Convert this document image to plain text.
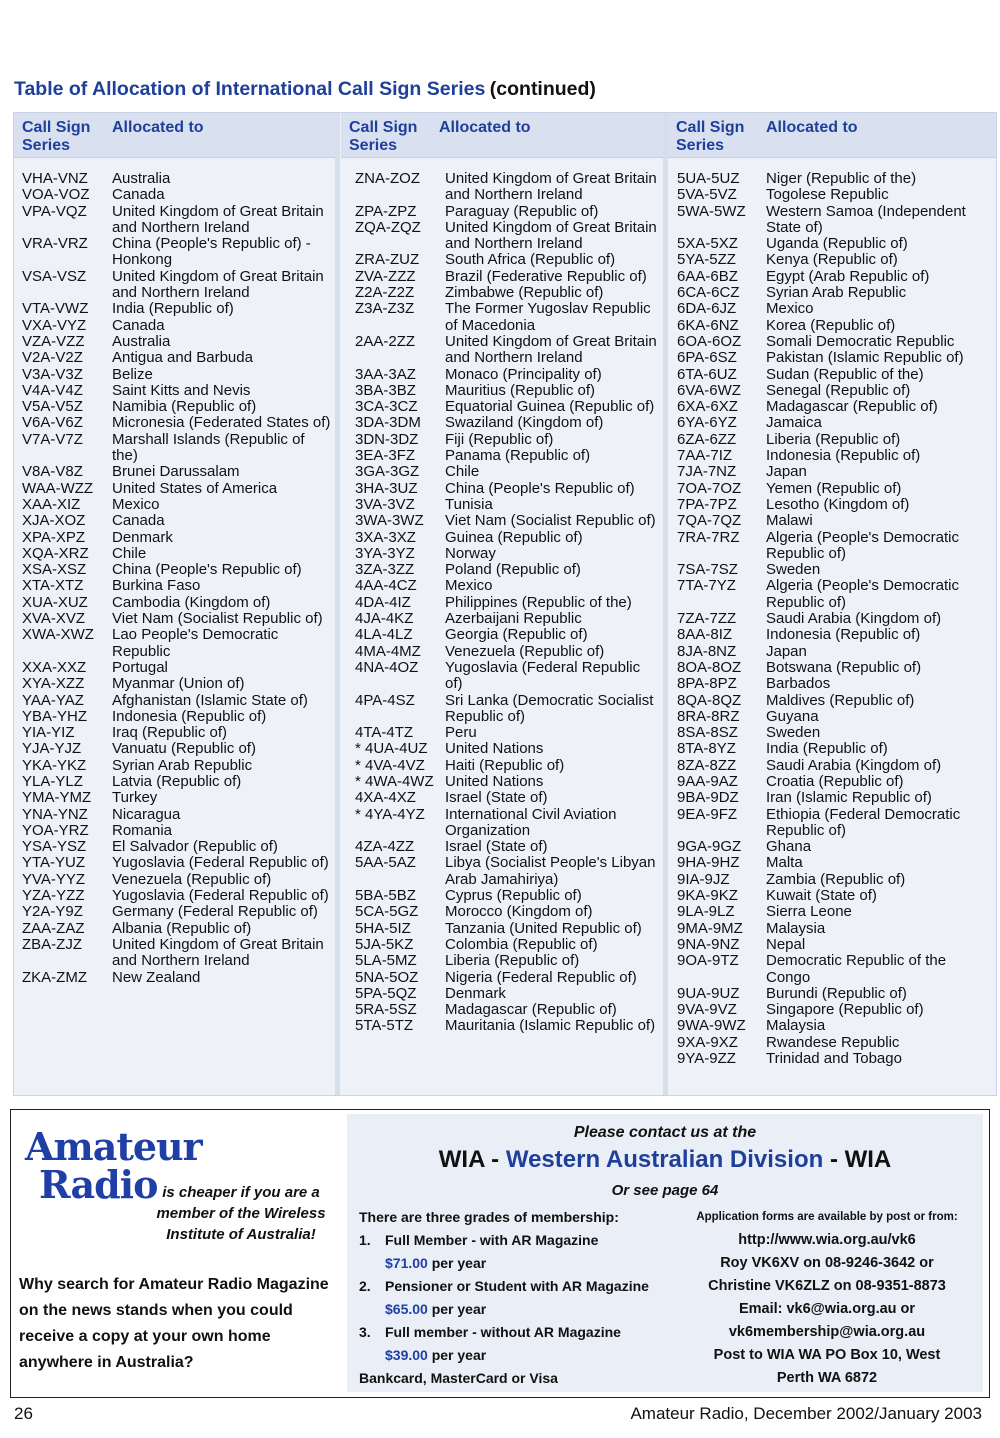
Table of Allocation of International Call Sign Series (continued)
Call Sign Series
Allocated to
VHA-VNZ	Australia
VOA-VOZ	Canada
VPA-VQZ	United Kingdom of Great Britain and Northern Ireland
VRA-VRZ	China (People's Republic of) - Honkong
VSA-VSZ	United Kingdom of Great Britain and Northern Ireland
VTA-VWZ	India (Republic of)
VXA-VYZ	Canada
VZA-VZZ	Australia
V2A-V2Z	Antigua and Barbuda
V3A-V3Z	Belize
V4A-V4Z	Saint Kitts and Nevis
V5A-V5Z	Namibia (Republic of)
V6A-V6Z	Micronesia (Federated States of)
V7A-V7Z	Marshall Islands (Republic of the)
V8A-V8Z	Brunei Darussalam
WAA-WZZ	United States of America
XAA-XIZ	Mexico
XJA-XOZ	Canada
XPA-XPZ	Denmark
XQA-XRZ	Chile
XSA-XSZ	China (People's Republic of)
XTA-XTZ	Burkina Faso
XUA-XUZ	Cambodia (Kingdom of)
XVA-XVZ	Viet Nam (Socialist Republic of)
XWA-XWZ	Lao People's Democratic Republic
XXA-XXZ	Portugal
XYA-XZZ	Myanmar (Union of)
YAA-YAZ	Afghanistan (Islamic State of)
YBA-YHZ	Indonesia (Republic of)
YIA-YIZ	Iraq (Republic of)
YJA-YJZ	Vanuatu (Republic of)
YKA-YKZ	Syrian Arab Republic
YLA-YLZ	Latvia (Republic of)
YMA-YMZ	Turkey
YNA-YNZ	Nicaragua
YOA-YRZ	Romania
YSA-YSZ	El Salvador (Republic of)
YTA-YUZ	Yugoslavia (Federal Republic of)
YVA-YYZ	Venezuela (Republic of)
YZA-YZZ	Yugoslavia (Federal Republic of)
Y2A-Y9Z	Germany (Federal Republic of)
ZAA-ZAZ	Albania (Republic of)
ZBA-ZJZ	United Kingdom of Great Britain and Northern Ireland
ZKA-ZMZ	New Zealand
Call Sign Series
Allocated to
ZNA-ZOZ	United Kingdom of Great Britain and Northern Ireland
ZPA-ZPZ	Paraguay (Republic of)
ZQA-ZQZ	United Kingdom of Great Britain and Northern Ireland
ZRA-ZUZ	South Africa (Republic of)
ZVA-ZZZ	Brazil (Federative Republic of)
Z2A-Z2Z	Zimbabwe (Republic of)
Z3A-Z3Z	The Former Yugoslav Republic of Macedonia
2AA-2ZZ	United Kingdom of Great Britain and Northern Ireland
3AA-3AZ	Monaco (Principality of)
3BA-3BZ	Mauritius (Republic of)
3CA-3CZ	Equatorial Guinea (Republic of)
3DA-3DM	Swaziland (Kingdom of)
3DN-3DZ	Fiji (Republic of)
3EA-3FZ	Panama (Republic of)
3GA-3GZ	Chile
3HA-3UZ	China (People's Republic of)
3VA-3VZ	Tunisia
3WA-3WZ	Viet Nam (Socialist Republic of)
3XA-3XZ	Guinea (Republic of)
3YA-3YZ	Norway
3ZA-3ZZ	Poland (Republic of)
4AA-4CZ	Mexico
4DA-4IZ	Philippines (Republic of the)
4JA-4KZ	Azerbaijani Republic
4LA-4LZ	Georgia (Republic of)
4MA-4MZ	Venezuela (Republic of)
4NA-4OZ	Yugoslavia (Federal Republic of)
4PA-4SZ	Sri Lanka (Democratic Socialist Republic of)
4TA-4TZ	Peru
* 4UA-4UZ	United Nations
* 4VA-4VZ	Haiti (Republic of)
* 4WA-4WZ United Nations
4XA-4XZ	Israel (State of)
* 4YA-4YZ	International Civil Aviation Organization
4ZA-4ZZ	Israel (State of)
5AA-5AZ	Libya (Socialist People's Libyan Arab Jamahiriya)
5BA-5BZ	Cyprus (Republic of)
5CA-5GZ	Morocco (Kingdom of)
5HA-5IZ	Tanzania (United Republic of)
5JA-5KZ	Colombia (Republic of)
5LA-5MZ	Liberia (Republic of)
5NA-5OZ	Nigeria (Federal Republic of)
5PA-5QZ	Denmark
5RA-5SZ	Madagascar (Republic of)
5TA-5TZ	Mauritania (Islamic Republic of)
Call Sign Series
Allocated to
5UA-5UZ	Niger (Republic of the)
5VA-5VZ	Togolese Republic
5WA-5WZ	Western Samoa (Independent State of)
5XA-5XZ	Uganda (Republic of)
5YA-5ZZ	Kenya (Republic of)
6AA-6BZ	Egypt (Arab Republic of)
6CA-6CZ	Syrian Arab Republic
6DA-6JZ	Mexico
6KA-6NZ	Korea (Republic of)
6OA-6OZ	Somali Democratic Republic
6PA-6SZ	Pakistan (Islamic Republic of)
6TA-6UZ	Sudan (Republic of the)
6VA-6WZ	Senegal (Republic of)
6XA-6XZ	Madagascar (Republic of)
6YA-6YZ	Jamaica
6ZA-6ZZ	Liberia (Republic of)
7AA-7IZ	Indonesia (Republic of)
7JA-7NZ	Japan
7OA-7OZ	Yemen (Republic of)
7PA-7PZ	Lesotho (Kingdom of)
7QA-7QZ	Malawi
7RA-7RZ	Algeria (People's Democratic Republic of)
7SA-7SZ	Sweden
7TA-7YZ	Algeria (People's Democratic Republic of)
7ZA-7ZZ	Saudi Arabia (Kingdom of)
8AA-8IZ	Indonesia (Republic of)
8JA-8NZ	Japan
8OA-8OZ	Botswana (Republic of)
8PA-8PZ	Barbados
8QA-8QZ	Maldives (Republic of)
8RA-8RZ	Guyana
8SA-8SZ	Sweden
8TA-8YZ	India (Republic of)
8ZA-8ZZ	Saudi Arabia (Kingdom of)
9AA-9AZ	Croatia (Republic of)
9BA-9DZ	Iran (Islamic Republic of)
9EA-9FZ	Ethiopia (Federal Democratic Republic of)
9GA-9GZ	Ghana
9HA-9HZ	Malta
9IA-9JZ	Zambia (Republic of)
9KA-9KZ	Kuwait (State of)
9LA-9LZ	Sierra Leone
9MA-9MZ	Malaysia
9NA-9NZ	Nepal
9OA-9TZ	Democratic Republic of the Congo
9UA-9UZ	Burundi (Republic of)
9VA-9VZ	Singapore (Republic of)
9WA-9WZ	Malaysia
9XA-9XZ	Rwandese Republic
9YA-9ZZ	Trinidad and Tobago
Amateur
Radio is cheaper if you are a member of the Wireless Institute of Australia!
Why search for Amateur Radio Magazine on the news stands when you could receive a copy at your own home anywhere in Australia?
Please contact us at the
WIA - Western Australian Division - WIA
Or see page 64
There are three grades of membership:
1. Full Member - with AR Magazine
$71.00 per year
2. Pensioner or Student with AR Magazine
$65.00 per year
3. Full member - without AR Magazine
$39.00 per year
Bankcard, MasterCard or Visa
Application forms are available by post or from:
http://www.wia.org.au/vk6
Roy VK6XV on 08-9246-3642 or
Christine VK6ZLZ on 08-9351-8873
Email: vk6@wia.org.au or
vk6membership@wia.org.au
Post to WIA WA PO Box 10, West
Perth WA 6872
26	Amateur Radio, December 2002/January 2003
